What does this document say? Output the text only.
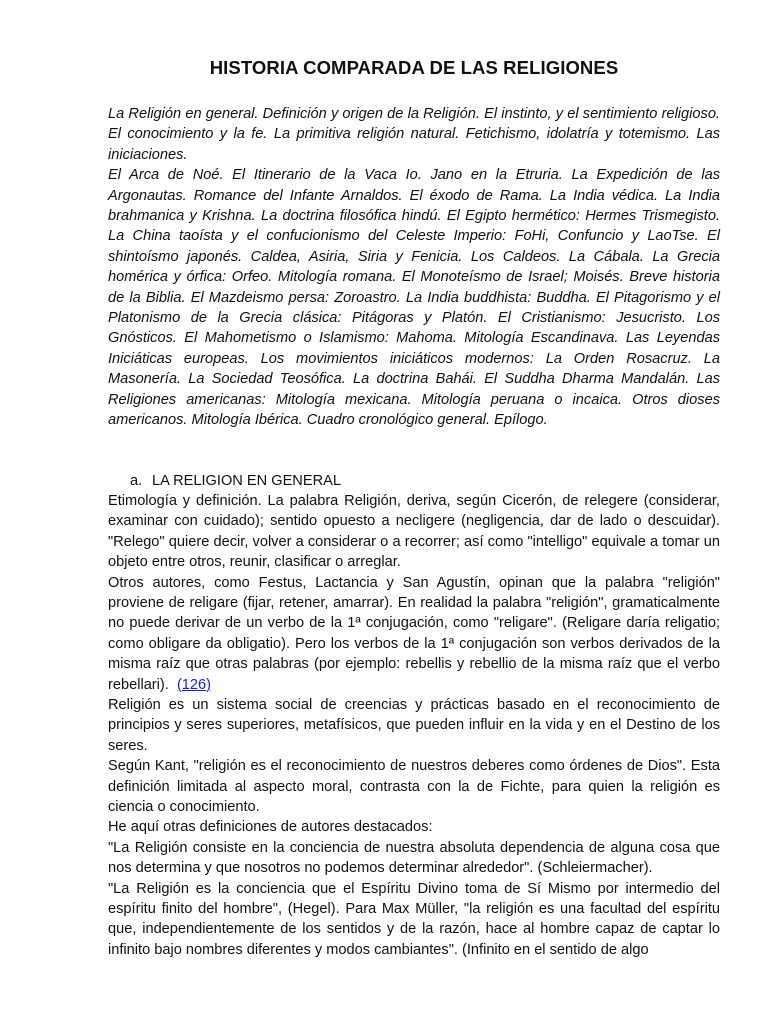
HISTORIA COMPARADA DE LAS RELIGIONES

La Religión en general. Definición y origen de la Religión. El instinto, y el sentimiento religioso. El conocimiento y la fe. La primitiva religión natural. Fetichismo, idolatría y totemismo. Las iniciaciones.

El Arca de Noé. El Itinerario de la Vaca Io. Jano en la Etruria. La Expedición de las Argonautas. Romance del Infante Arnaldos. El éxodo de Rama. La India védica. La India brahmanica y Krishna. La doctrina filosófica hindú. El Egipto hermético: Hermes Trismegisto. La China taoísta y el confucionismo del Celeste Imperio: FoHi, Confuncio y LaoTse. El shintoísmo japonés. Caldea, Asiria, Siria y Fenicia. Los Caldeos. La Cábala. La Grecia homérica y órfica: Orfeo. Mitología romana. El Monoteísmo de Israel; Moisés. Breve historia de la Biblia. El Mazdeismo persa: Zoroastro. La India buddhista: Buddha. El Pitagorismo y el Platonismo de la Grecia clásica: Pitágoras y Platón. El Cristianismo: Jesucristo. Los Gnósticos. El Mahometismo o Islamismo: Mahoma. Mitología Escandinava. Las Leyendas Iniciáticas europeas. Los movimientos iniciáticos modernos: La Orden Rosacruz. La Masonería. La Sociedad Teosófica. La doctrina Bahái. El Suddha Dharma Mandalán. Las Religiones americanas: Mitología mexicana. Mitología peruana o incaica. Otros dioses americanos. Mitología Ibérica. Cuadro cronológico general. Epílogo.

a. LA RELIGION EN GENERAL

Etimología y definición. La palabra Religión, deriva, según Cicerón, de relegere (considerar, examinar con cuidado); sentido opuesto a necligere (negligencia, dar de lado o descuidar). "Relego" quiere decir, volver a considerar o a recorrer; así como "intelligo" equivale a tomar un objeto entre otros, reunir, clasificar o arreglar.

Otros autores, como Festus, Lactancia y San Agustín, opinan que la palabra "religión" proviene de religare (fijar, retener, amarrar). En realidad la palabra "religión", gramaticalmente no puede derivar de un verbo de la 1ª conjugación, como "religare". (Religare daría religatio; como obligare da obligatio). Pero los verbos de la 1ª conjugación son verbos derivados de la misma raíz que otras palabras (por ejemplo: rebellis y rebellio de la misma raíz que el verbo rebellari). (126)

Religión es un sistema social de creencias y prácticas basado en el reconocimiento de principios y seres superiores, metafísicos, que pueden influir en la vida y en el Destino de los seres.

Según Kant, "religión es el reconocimiento de nuestros deberes como órdenes de Dios". Esta definición limitada al aspecto moral, contrasta con la de Fichte, para quien la religión es ciencia o conocimiento.

He aquí otras definiciones de autores destacados:

"La Religión consiste en la conciencia de nuestra absoluta dependencia de alguna cosa que nos determina y que nosotros no podemos determinar alrededor". (Schleiermacher).

"La Religión es la conciencia que el Espíritu Divino toma de Sí Mismo por intermedio del espíritu finito del hombre", (Hegel). Para Max Müller, "la religión es una facultad del espíritu que, independientemente de los sentidos y de la razón, hace al hombre capaz de captar lo infinito bajo nombres diferentes y modos cambiantes". (Infinito en el sentido de algo
